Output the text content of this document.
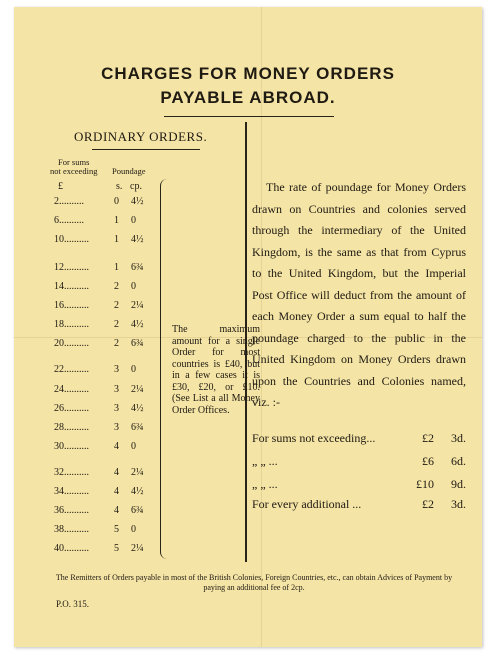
CHARGES FOR MONEY ORDERS
PAYABLE ABROAD.
ORDINARY ORDERS.
For sums
not exceeding Poundage
£	s. cp.
2..........	0	4½
6..........	1	0
10..........	1	4½
12..........	1	6¾
14..........	2	0
16..........	2	2¼
18..........	2	4½
20..........	2	6¾
22..........	3	0
24..........	3	2¼
26..........	3	4½
28..........	3	6¾
30..........	4	0
32..........	4	2¼
34..........	4	4½
36..........	4	6¾
38..........	5	0
40..........	5	2¼

The maximum amount for a single Order for most countries is £40, but in a few cases it is £30, £20, or £10. (See List a all Money Order Offices.

The rate of poundage for Money Orders drawn on Countries and colonies served through the intermediary of the United Kingdom, is the same as that from Cyprus to the United Kingdom, but the Imperial Post Office will deduct from the amount of each Money Order a sum equal to half the poundage charged to the public in the United Kingdom on Money Orders drawn upon the Countries and Colonies named, viz. :-

For sums not exceeding...	£2	3d.
„ „ ...	£6	6d.
„ „ ...	£10	9d.
For every additional ...	£2	3d.
The Remitters of Orders payable in most of the British Colonies, Foreign Countries, etc., can obtain Advices of Payment by paying an additional fee of 2cp.
P.O. 315.
